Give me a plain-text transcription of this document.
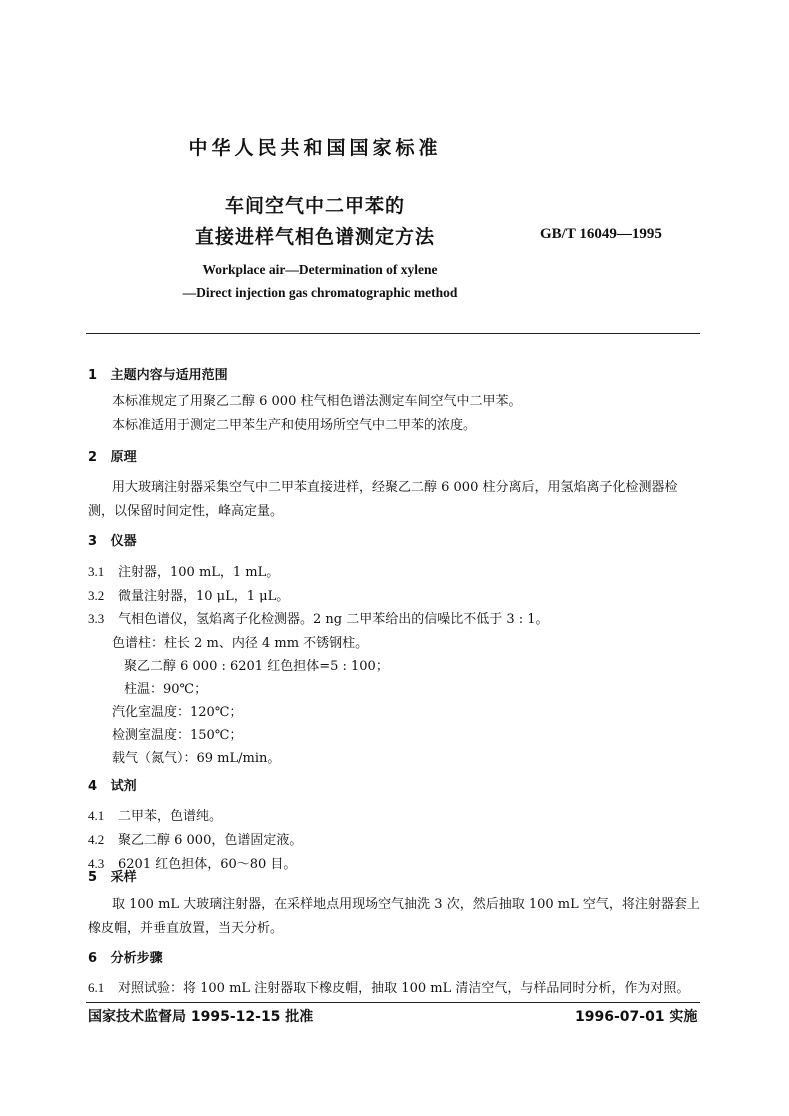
中华人民共和国国家标准
车间空气中二甲苯的
直接进样气相色谱测定方法	GB/T 16049—1995
Workplace air—Determination of xylene
—Direct injection gas chromatographic method
1 主题内容与适用范围
本标准规定了用聚乙二醇 6 000 柱气相色谱法测定车间空气中二甲苯。
本标准适用于测定二甲苯生产和使用场所空气中二甲苯的浓度。
2 原理
用大玻璃注射器采集空气中二甲苯直接进样，经聚乙二醇 6 000 柱分离后，用氢焰离子化检测器检
测，以保留时间定性，峰高定量。
3 仪器
3.1 注射器，100 mL，1 mL。
3.2 微量注射器，10 μL，1 μL。
3.3 气相色谱仪，氢焰离子化检测器。2 ng 二甲苯给出的信噪比不低于 3 : 1。
色谱柱：柱长 2 m、内径 4 mm 不锈钢柱。
聚乙二醇 6 000 : 6201 红色担体=5 : 100；
柱温：90℃；
汽化室温度：120℃；
检测室温度：150℃；
载气（氮气）：69 mL/min。
4 试剂
4.1 二甲苯，色谱纯。
4.2 聚乙二醇 6 000，色谱固定液。
4.3 6201 红色担体，60～80 目。
5 采样
取 100 mL 大玻璃注射器，在采样地点用现场空气抽洗 3 次，然后抽取 100 mL 空气，将注射器套上
橡皮帽，并垂直放置，当天分析。
6 分析步骤
6.1 对照试验：将 100 mL 注射器取下橡皮帽，抽取 100 mL 清洁空气，与样品同时分析，作为对照。
国家技术监督局 1995-12-15 批准	1996-07-01 实施
